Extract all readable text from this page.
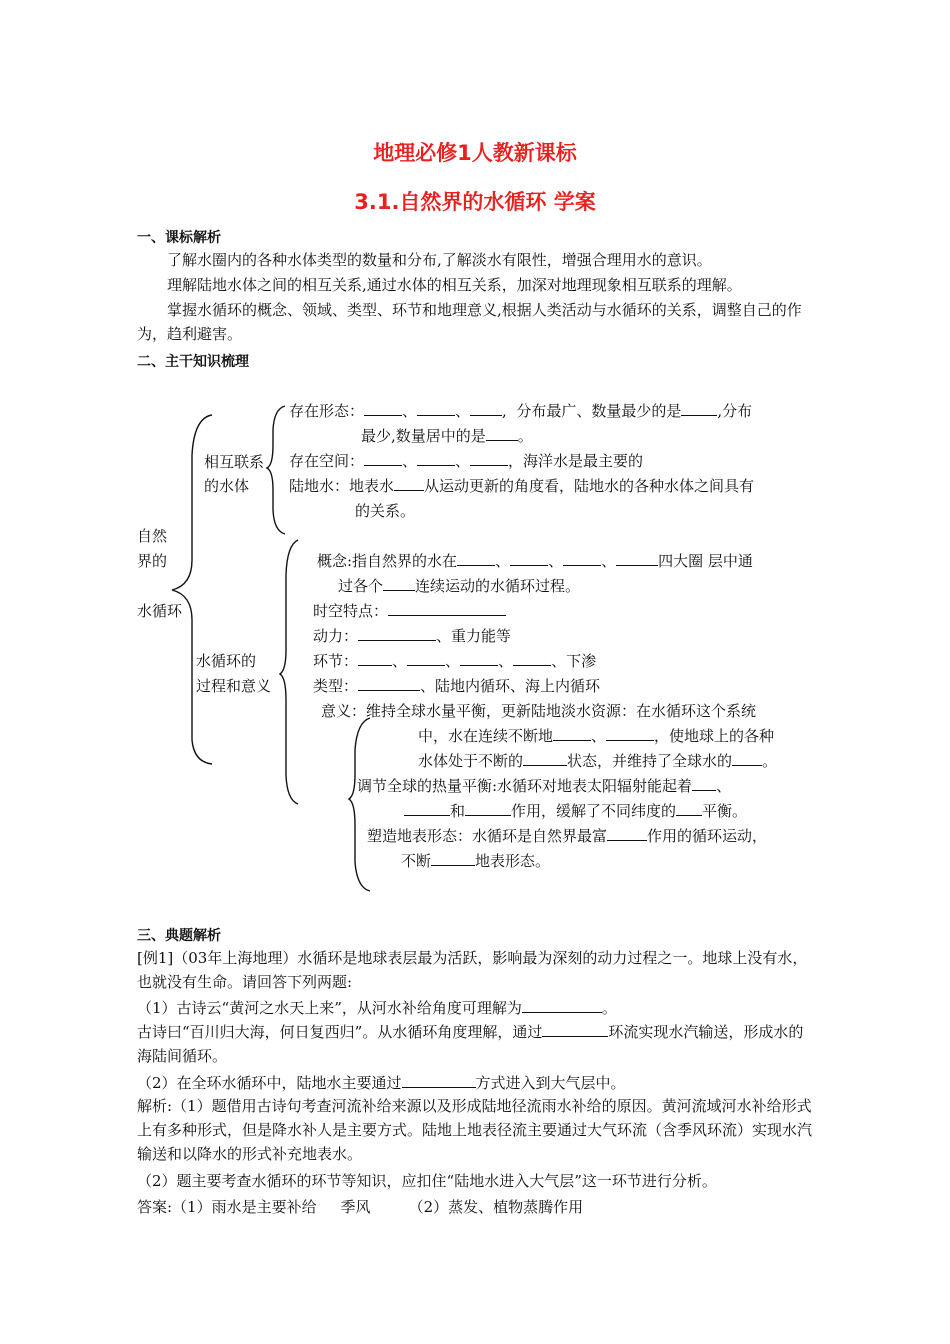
地理必修1人教新课标
3.1.自然界的水循环 学案
一、课标解析
了解水圈内的各种水体类型的数量和分布,了解淡水有限性，增强合理用水的意识。
理解陆地水体之间的相互关系,通过水体的相互关系，加深对地理现象相互联系的理解。
掌握水循环的概念、领域、类型、环节和地理意义,根据人类活动与水循环的关系，调整自己的作为，趋利避害。
二、主干知识梳理
自然
界的
水循环
相互联系
的水体
存在形态：	、	、 ,  分布最广、数量最少的是 ,分布
最少,数量居中的是 。
存在空间：	、	、	，海洋水是最主要的
陆地水：地表水 从运动更新的角度看，陆地水的各种水体之间具有
的关系。
水循环的
过程和意义
概念:指自然界的水在	、	、	、	四大圈 层中通
过各个 连续运动的水循环过程。
时空特点：
动力：	、重力能等
环节： 、	、	、	、下渗
类型：	、陆地内循环、海上内循环
意义：维持全球水量平衡，更新陆地淡水资源：在水循环这个系统
中，水在连续不断地	、	，使地球上的各种
水体处于不断的	状态，并维持了全球水的 。
调节全球的热量平衡:水循环对地表太阳辐射能起着 、
和	作用，缓解了不同纬度的 平衡。
塑造地表形态：水循环是自然界最富	作用的循环运动，
不断	地表形态。
三、典题解析
[例1]（03年上海地理）水循环是地球表层最为活跃，影响最为深刻的动力过程之一。地球上没有水，也就没有生命。请回答下列两题:
（1）古诗云“黄河之水天上来”，从河水补给角度可理解为	。
古诗曰“百川归大海，何日复西归”。从水循环角度理解，通过	环流实现水汽输送，形成水的海陆间循环。
（2）在全环水循环中，陆地水主要通过	方式进入到大气层中。
解析:（1）题借用古诗句考查河流补给来源以及形成陆地径流雨水补给的原因。黄河流域河水补给形式上有多种形式，但是降水补人是主要方式。陆地上地表径流主要通过大气环流（含季风环流）实现水汽输送和以降水的形式补充地表水。
（2）题主要考查水循环的环节等知识，应扣住“陆地水进入大气层”这一环节进行分析。
答案:（1）雨水是主要补给     季风        （2）蒸发、植物蒸腾作用
